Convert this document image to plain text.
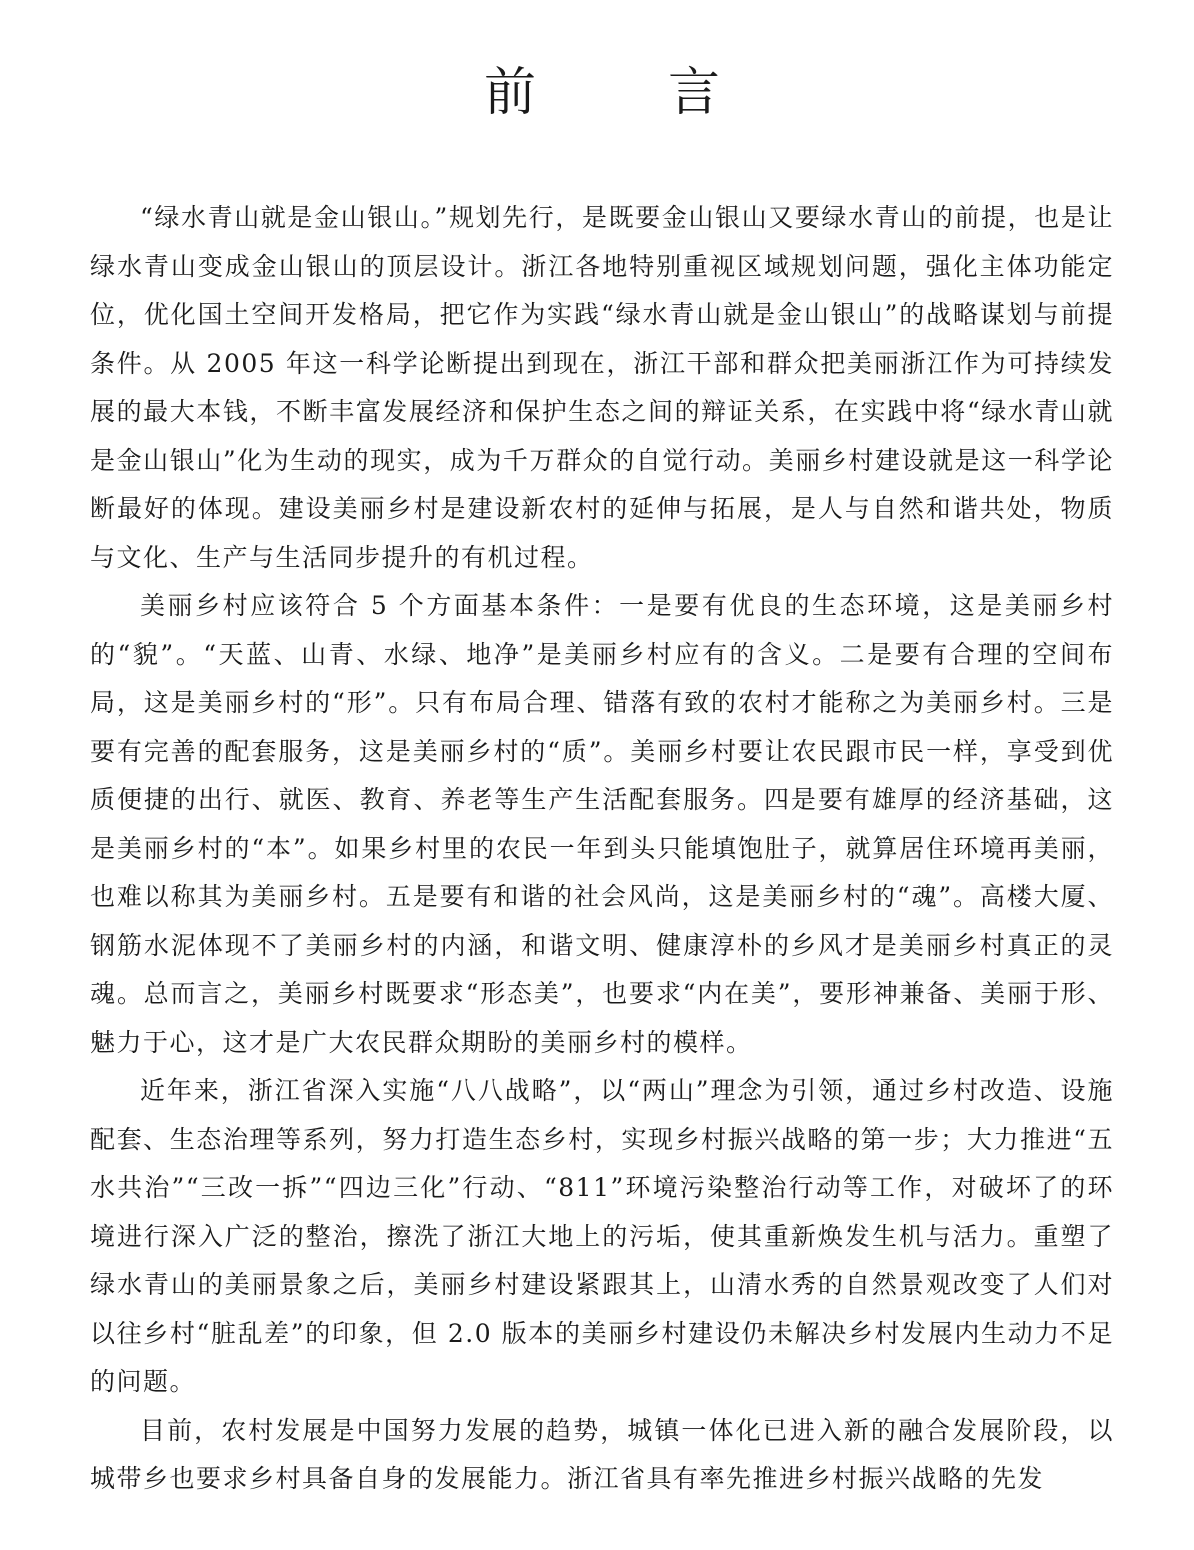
前　言

“绿水青山就是金山银山。”规划先行，是既要金山银山又要绿水青山的前提，也是让绿水青山变成金山银山的顶层设计。浙江各地特别重视区域规划问题，强化主体功能定位，优化国土空间开发格局，把它作为实践“绿水青山就是金山银山”的战略谋划与前提条件。从 2005 年这一科学论断提出到现在，浙江干部和群众把美丽浙江作为可持续发展的最大本钱，不断丰富发展经济和保护生态之间的辩证关系，在实践中将“绿水青山就是金山银山”化为生动的现实，成为千万群众的自觉行动。美丽乡村建设就是这一科学论断最好的体现。建设美丽乡村是建设新农村的延伸与拓展，是人与自然和谐共处，物质与文化、生产与生活同步提升的有机过程。

美丽乡村应该符合 5 个方面基本条件：一是要有优良的生态环境，这是美丽乡村的“貌”。“天蓝、山青、水绿、地净”是美丽乡村应有的含义。二是要有合理的空间布局，这是美丽乡村的“形”。只有布局合理、错落有致的农村才能称之为美丽乡村。三是要有完善的配套服务，这是美丽乡村的“质”。美丽乡村要让农民跟市民一样，享受到优质便捷的出行、就医、教育、养老等生产生活配套服务。四是要有雄厚的经济基础，这是美丽乡村的“本”。如果乡村里的农民一年到头只能填饱肚子，就算居住环境再美丽，也难以称其为美丽乡村。五是要有和谐的社会风尚，这是美丽乡村的“魂”。高楼大厦、钢筋水泥体现不了美丽乡村的内涵，和谐文明、健康淳朴的乡风才是美丽乡村真正的灵魂。总而言之，美丽乡村既要求“形态美”，也要求“内在美”，要形神兼备、美丽于形、魅力于心，这才是广大农民群众期盼的美丽乡村的模样。

近年来，浙江省深入实施“八八战略”，以“两山”理念为引领，通过乡村改造、设施配套、生态治理等系列，努力打造生态乡村，实现乡村振兴战略的第一步；大力推进“五水共治”“三改一拆”“四边三化”行动、“811”环境污染整治行动等工作，对破坏了的环境进行深入广泛的整治，擦洗了浙江大地上的污垢，使其重新焕发生机与活力。重塑了绿水青山的美丽景象之后，美丽乡村建设紧跟其上，山清水秀的自然景观改变了人们对以往乡村“脏乱差”的印象，但 2.0 版本的美丽乡村建设仍未解决乡村发展内生动力不足的问题。

目前，农村发展是中国努力发展的趋势，城镇一体化已进入新的融合发展阶段，以城带乡也要求乡村具备自身的发展能力。浙江省具有率先推进乡村振兴战略的先发
